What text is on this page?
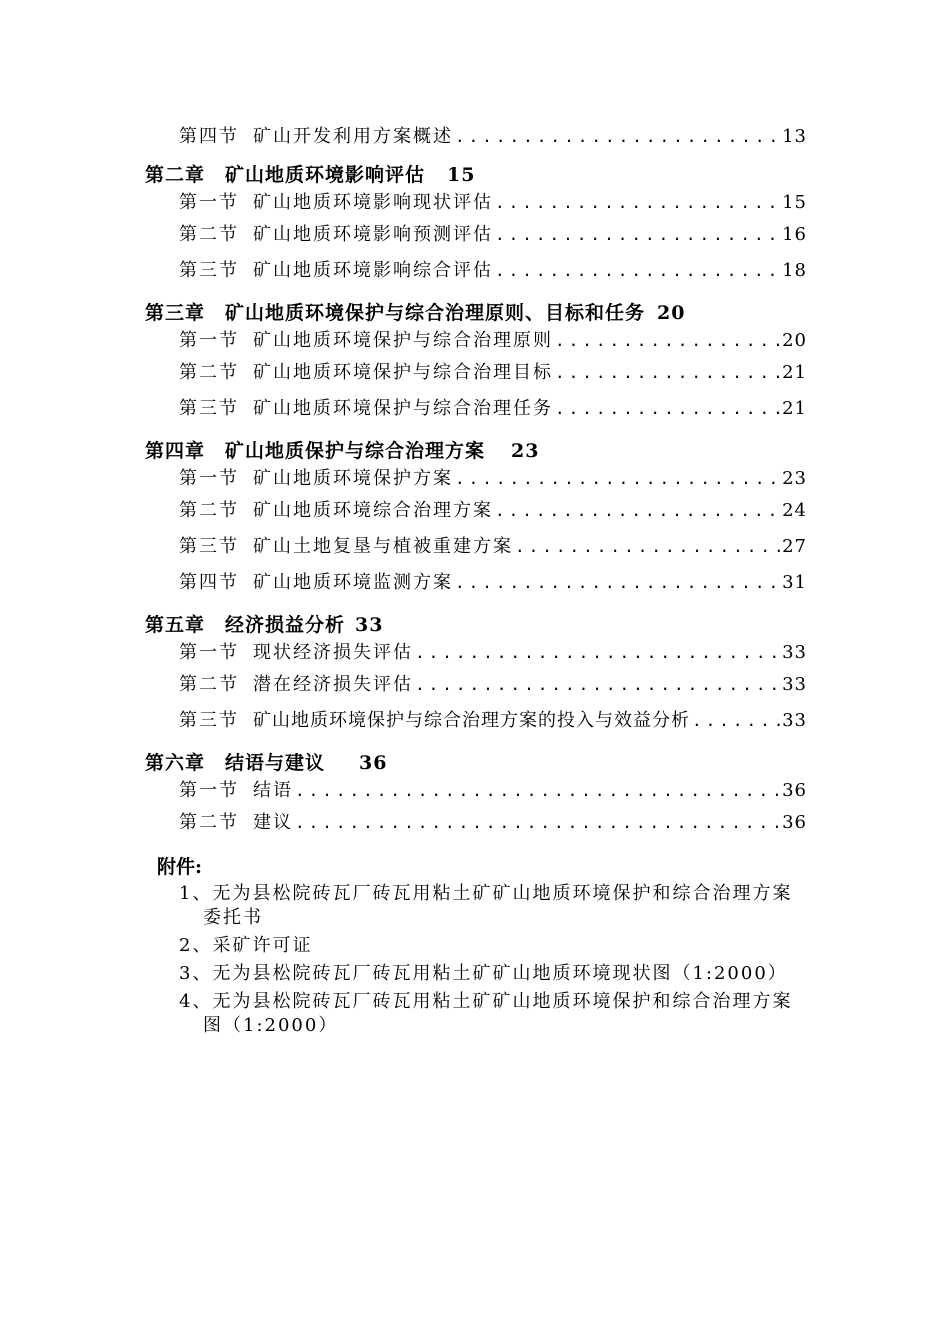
第四节 矿山开发利用方案概述 .....	13
第二章 矿山地质环境影响评估 15
第一节 矿山地质环境影响现状评估 .....	15
第二节 矿山地质环境影响预测评估 .....	16
第三节 矿山地质环境影响综合评估 .....	18
第三章 矿山地质环境保护与综合治理原则、目标和任务 20
第一节 矿山地质环境保护与综合治理原则 .....	20
第二节 矿山地质环境保护与综合治理目标 .....	21
第三节 矿山地质环境保护与综合治理任务 .....	21
第四章 矿山地质保护与综合治理方案 23
第一节 矿山地质环境保护方案 .....	23
第二节 矿山地质环境综合治理方案 .....	24
第三节 矿山土地复垦与植被重建方案 .....	27
第四节 矿山地质环境监测方案 .....	31
第五章 经济损益分析 33
第一节 现状经济损失评估 .....	33
第二节 潜在经济损失评估 .....	33
第三节 矿山地质环境保护与综合治理方案的投入与效益分析 .....	33
第六章 结语与建议 36
第一节 结语 .....	36
第二节 建议 .....	36
附件:
1、无为县松院砖瓦厂砖瓦用粘土矿矿山地质环境保护和综合治理方案委托书
2、采矿许可证
3、无为县松院砖瓦厂砖瓦用粘土矿矿山地质环境现状图（1:2000）
4、无为县松院砖瓦厂砖瓦用粘土矿矿山地质环境保护和综合治理方案图（1:2000）
